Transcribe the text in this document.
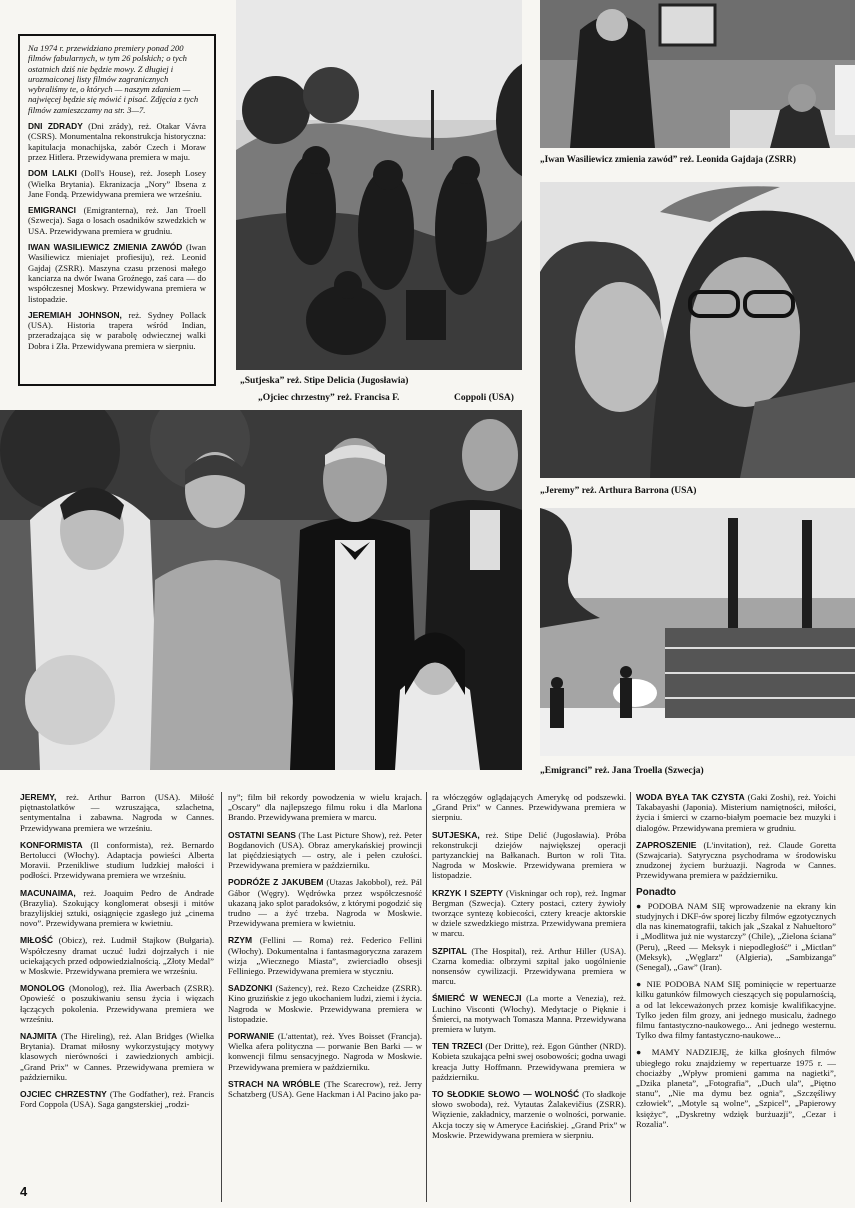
Na 1974 r. przewidziano premiery ponad 200 filmów fabularnych, w tym 26 polskich; o tych ostatnich dziś nie będzie mowy. Z długiej i urozmaiconej listy filmów zagranicznych wybraliśmy te, o których — naszym zdaniem — najwięcej będzie się mówić i pisać. Zdjęcia z tych filmów zamieszczamy na str. 3—7.

DNI ZDRADY (Dni zrády), reż. Otakar Vávra (CSRS). Monumentalna rekonstrukcja historyczna: kapitulacja monachijska, zabór Czech i Moraw przez Hitlera. Przewidywana premiera w maju.
DOM LALKI (Doll's House), reż. Joseph Losey (Wielka Brytania). Ekranizacja „Nory” Ibsena z Jane Fondą. Przewidywana premiera we wrześniu.
EMIGRANCI (Emigranterna), reż. Jan Troell (Szwecja). Saga o losach osadników szwedzkich w USA. Przewidywana premiera w grudniu.
IWAN WASILIEWICZ ZMIENIA ZAWÓD (Iwan Wasiliewicz mieniajet profiesiju), reż. Leonid Gajdaj (ZSRR). Maszyna czasu przenosi małego kanciarza na dwór Iwana Groźnego, zaś cara — do współczesnej Moskwy. Przewidywana premiera w listopadzie.
JEREMIAH JOHNSON, reż. Sydney Pollack (USA). Historia trapera wśród Indian, przeradzająca się w parabolę odwiecznej walki Dobra i Zła. Przewidywana premiera w sierpniu.
„Iwan Wasiliewicz zmienia zawód” reż. Leonida Gajdaja (ZSRR)
„Jeremy” reż. Arthura Barrona (USA)
„Sutjeska” reż. Stipe Delicia (Jugosławia)
„Ojciec chrzestny” reż. Francisa F.	Coppoli (USA)
„Emigranci” reż. Jana Troella (Szwecja)
JEREMY, reż. Arthur Barron (USA). Miłość piętnastolatków — wzruszająca, szlachetna, sentymentalna i zabawna. Nagroda w Cannes. Przewidywana premiera we wrześniu.
KONFORMISTA (Il conformista), reż. Bernardo Bertolucci (Włochy). Adaptacja powieści Alberta Moravii. Przenikliwe studium ludzkiej małości i podłości. Przewidywana premiera we wrześniu.
MACUNAIMA, reż. Joaquim Pedro de Andrade (Brazylia). Szokujący konglomerat obsesji i mitów brazylijskiej sztuki, osiągnięcie zgasłego już „cinema novo”. Przewidywana premiera w kwietniu.
MIŁOŚĆ (Obicz), reż. Ludmił Stajkow (Bułgaria). Współczesny dramat uczuć ludzi dojrzałych i nie uciekających przed odpowiedzialnością. „Złoty Medal” w Moskwie. Przewidywana premiera we wrześniu.
MONOLOG (Monolog), reż. Ilia Awerbach (ZSRR). Opowieść o poszukiwaniu sensu życia i więzach łączących pokolenia. Przewidywana premiera we wrześniu.
NAJMITA (The Hireling), reż. Alan Bridges (Wielka Brytania). Dramat miłosny wykorzystujący motywy klasowych nierówności i zawiedzionych ambicji. „Grand Prix” w Cannes. Przewidywana premiera w październiku.
OJCIEC CHRZESTNY (The Godfather), reż. Francis Ford Coppola (USA). Saga gangsterskiej „rodzi-
ny”; film bił rekordy powodzenia w wielu krajach. „Oscary” dla najlepszego filmu roku i dla Marlona Brando. Przewidywana premiera w marcu.
OSTATNI SEANS (The Last Picture Show), reż. Peter Bogdanovich (USA). Obraz amerykańskiej prowincji lat pięćdziesiątych — ostry, ale i pełen czułości. Przewidywana premiera w październiku.
PODRÓŻE Z JAKUBEM (Utazas Jakobbol), reż. Pál Gábor (Węgry). Wędrówka przez współczesność ukazaną jako splot paradoksów, z którymi pogodzić się trudno — a żyć trzeba. Nagroda w Moskwie. Przewidywana premiera w kwietniu.
RZYM (Fellini — Roma) reż. Federico Fellini (Włochy). Dokumentalna i fantasmagoryczna zarazem wizja „Wiecznego Miasta”, zwierciadło obsesji Felliniego. Przewidywana premiera w styczniu.
SADZONKI (Sażency), reż. Rezo Czcheidze (ZSRR). Kino gruzińskie z jego ukochaniem ludzi, ziemi i życia. Nagroda w Moskwie. Przewidywana premiera w listopadzie.
PORWANIE (L'attentat), reż. Yves Boisset (Francja). Wielka afera polityczna — porwanie Ben Barki — w konwencji filmu sensacyjnego. Nagroda w Moskwie. Przewidywana premiera w październiku.
STRACH NA WRÓBLE (The Scarecrow), reż. Jerry Schatzberg (USA). Gene Hackman i Al Pacino jako pa-
ra włóczęgów oglądających Amerykę od podszewki. „Grand Prix” w Cannes. Przewidywana premiera w sierpniu.
SUTJESKA, reż. Stipe Delić (Jugosławia). Próba rekonstrukcji dziejów największej operacji partyzanckiej na Bałkanach. Burton w roli Tita. Nagroda w Moskwie. Przewidywana premiera w listopadzie.
KRZYK I SZEPTY (Viskningar och rop), reż. Ingmar Bergman (Szwecja). Cztery postaci, cztery żywioły tworzące syntezę kobiecości, cztery kreacje aktorskie w dziele szwedzkiego mistrza. Przewidywana premiera w marcu.
SZPITAL (The Hospital), reż. Arthur Hiller (USA). Czarna komedia: olbrzymi szpital jako uogólnienie nonsensów cywilizacji. Przewidywana premiera w marcu.
ŚMIERĆ W WENECJI (La morte a Venezia), reż. Luchino Visconti (Włochy). Medytacje o Pięknie i Śmierci, na motywach Tomasza Manna. Przewidywana premiera w lutym.
TEN TRZECI (Der Dritte), reż. Egon Günther (NRD). Kobieta szukająca pełni swej osobowości; godna uwagi kreacja Jutty Hoffmann. Przewidywana premiera w październiku.
TO SŁODKIE SŁOWO — WOLNOŚĆ (To sładkoje słowo swoboda), reż. Vytautas Żalakevičius (ZSRR). Więzienie, zakładnicy, marzenie o wolności, porwanie. Akcja toczy się w Ameryce Łacińskiej. „Grand Prix” w Moskwie. Przewidywana premiera w sierpniu.
WODA BYŁA TAK CZYSTA (Gaki Zoshi), reż. Yoichi Takabayashi (Japonia). Misterium namiętności, miłości, życia i śmierci w czarno-białym poemacie bez muzyki i dialogów. Przewidywana premiera w grudniu.
ZAPROSZENIE (L'invitation), reż. Claude Goretta (Szwajcaria). Satyryczna psychodrama w środowisku znudzonej życiem burżuazji. Nagroda w Cannes. Przewidywana premiera w październiku.
Ponadto
● PODOBA NAM SIĘ wprowadzenie na ekrany kin studyjnych i DKF-ów sporej liczby filmów egzotycznych dla nas kinematografii, takich jak „Szakal z Nahueltoro” i „Modlitwa już nie wystarczy” (Chile), „Zielona ściana” (Peru), „Reed — Meksyk i niepodległość” i „Mictlan” (Meksyk), „Węglarz” (Algieria), „Sambizanga” (Senegal), „Gaw” (Iran).
● NIE PODOBA NAM SIĘ pominięcie w repertuarze kilku gatunków filmowych cieszących się popularnością, a od lat lekceważonych przez komisje kwalifikacyjne. Tylko jeden film grozy, ani jednego musicalu, żadnego filmu fantastyczno-naukowego... Ani jednego westernu. Tylko dwa filmy fantastyczno-naukowe...
● MAMY NADZIEJĘ, że kilka głośnych filmów ubiegłego roku znajdziemy w repertuarze 1975 r. — chociażby „Wpływ promieni gamma na nagietki”, „Dzika planeta”, „Fotografia”, „Duch ula”, „Piętno stanu”, „Nie ma dymu bez ognia”, „Szczęśliwy człowiek”, „Motyle są wolne”, „Szpicel”, „Papierowy księżyc”, „Dyskretny wdzięk burżuazji”, „Cezar i Rozalia”.
4
